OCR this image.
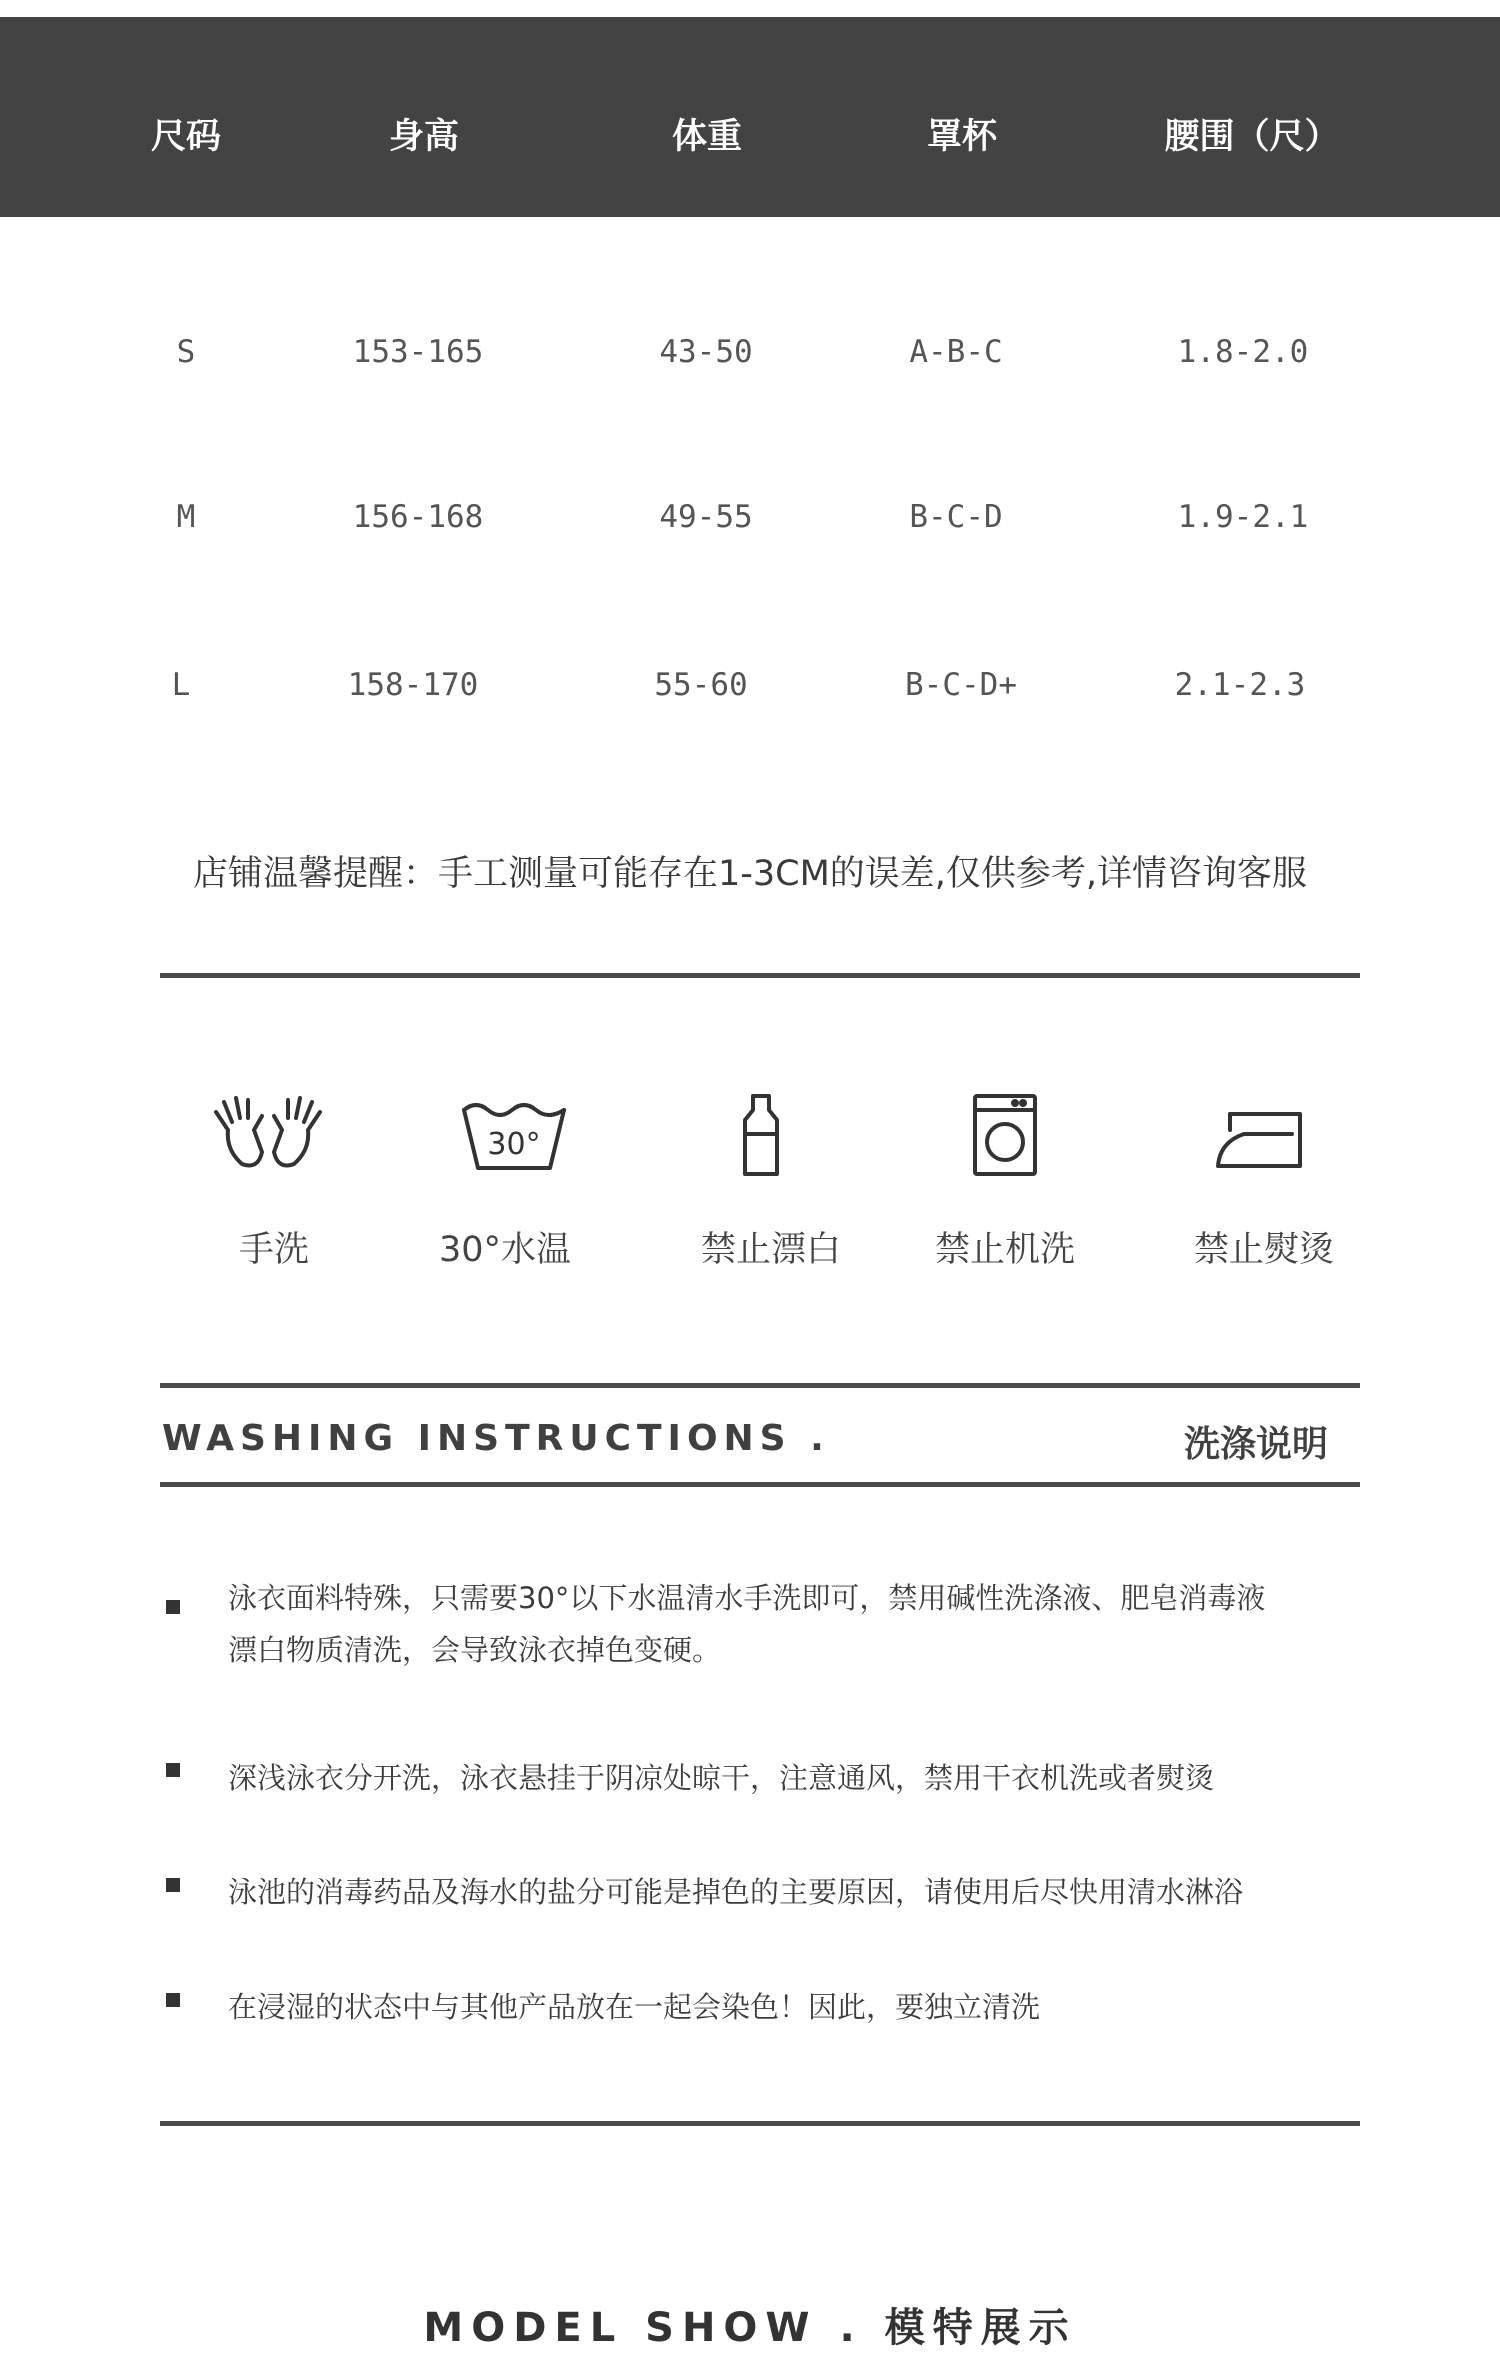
尺码	身高	体重	罩杯	腰围（尺）
S	153-165	43-50	A-B-C	1.8-2.0
M	156-168	49-55	B-C-D	1.9-2.1
L	158-170	55-60	B-C-D+	2.1-2.3
店铺温馨提醒：手工测量可能存在1-3CM的误差,仅供参考,详情咨询客服
30°
手洗	30°水温	禁止漂白	禁止机洗	禁止熨烫
WASHING INSTRUCTIONS .	洗涤说明
泳衣面料特殊，只需要30°以下水温清水手洗即可，禁用碱性洗涤液、肥皂消毒液漂白物质清洗，会导致泳衣掉色变硬。
深浅泳衣分开洗，泳衣悬挂于阴凉处晾干，注意通风，禁用干衣机洗或者熨烫
泳池的消毒药品及海水的盐分可能是掉色的主要原因，请使用后尽快用清水淋浴
在浸湿的状态中与其他产品放在一起会染色！因此，要独立清洗
MODEL SHOW . 模特展示
